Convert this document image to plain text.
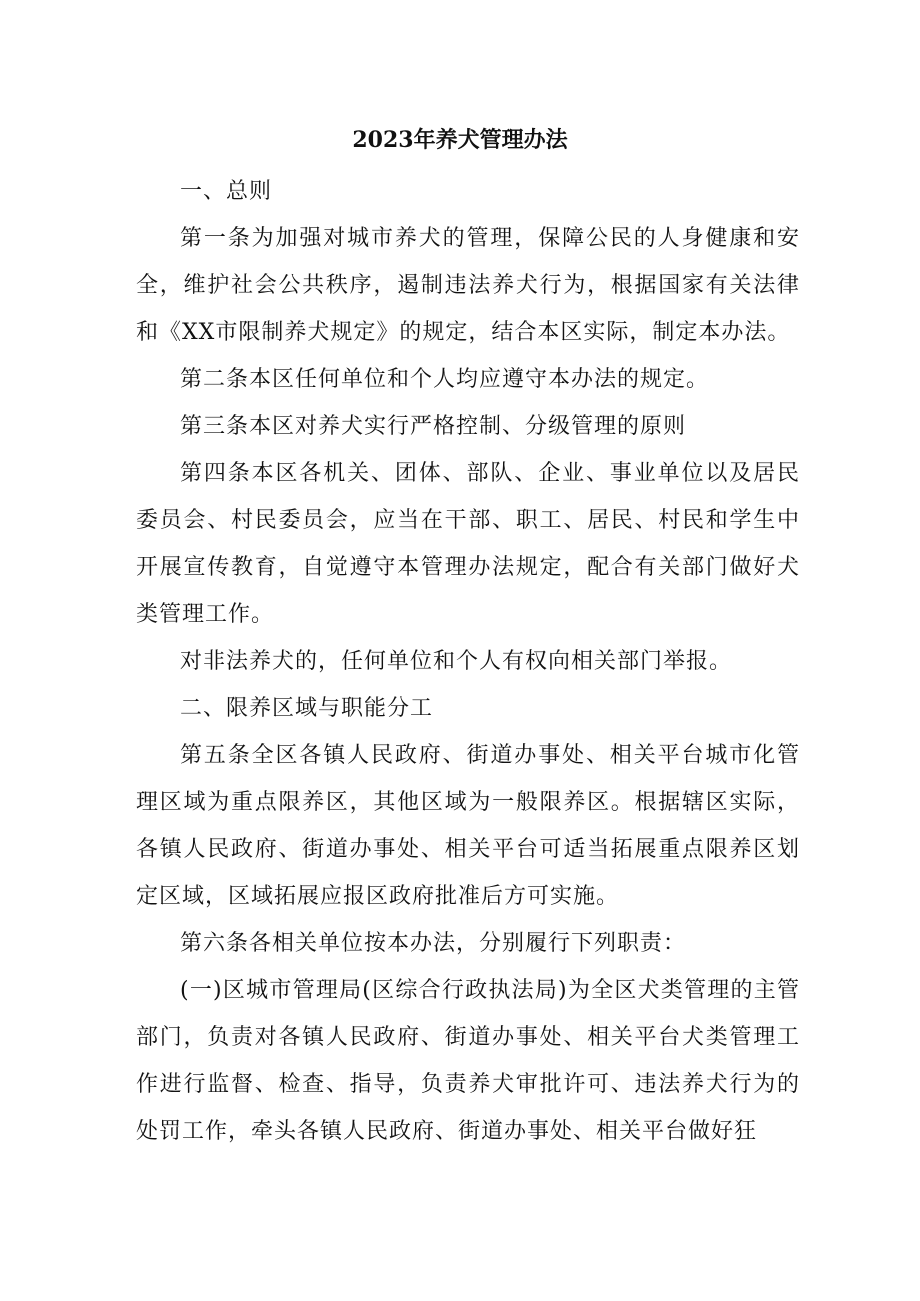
2023年养犬管理办法

一、总则

第一条为加强对城市养犬的管理，保障公民的人身健康和安全，维护社会公共秩序，遏制违法养犬行为，根据国家有关法律和《XX市限制养犬规定》的规定，结合本区实际，制定本办法。

第二条本区任何单位和个人均应遵守本办法的规定。

第三条本区对养犬实行严格控制、分级管理的原则

第四条本区各机关、团体、部队、企业、事业单位以及居民委员会、村民委员会，应当在干部、职工、居民、村民和学生中开展宣传教育，自觉遵守本管理办法规定，配合有关部门做好犬类管理工作。

对非法养犬的，任何单位和个人有权向相关部门举报。

二、限养区域与职能分工

第五条全区各镇人民政府、街道办事处、相关平台城市化管理区域为重点限养区，其他区域为一般限养区。根据辖区实际，各镇人民政府、街道办事处、相关平台可适当拓展重点限养区划定区域，区域拓展应报区政府批准后方可实施。

第六条各相关单位按本办法，分别履行下列职责：

(一)区城市管理局(区综合行政执法局)为全区犬类管理的主管部门，负责对各镇人民政府、街道办事处、相关平台犬类管理工作进行监督、检查、指导，负责养犬审批许可、违法养犬行为的处罚工作，牵头各镇人民政府、街道办事处、相关平台做好狂
